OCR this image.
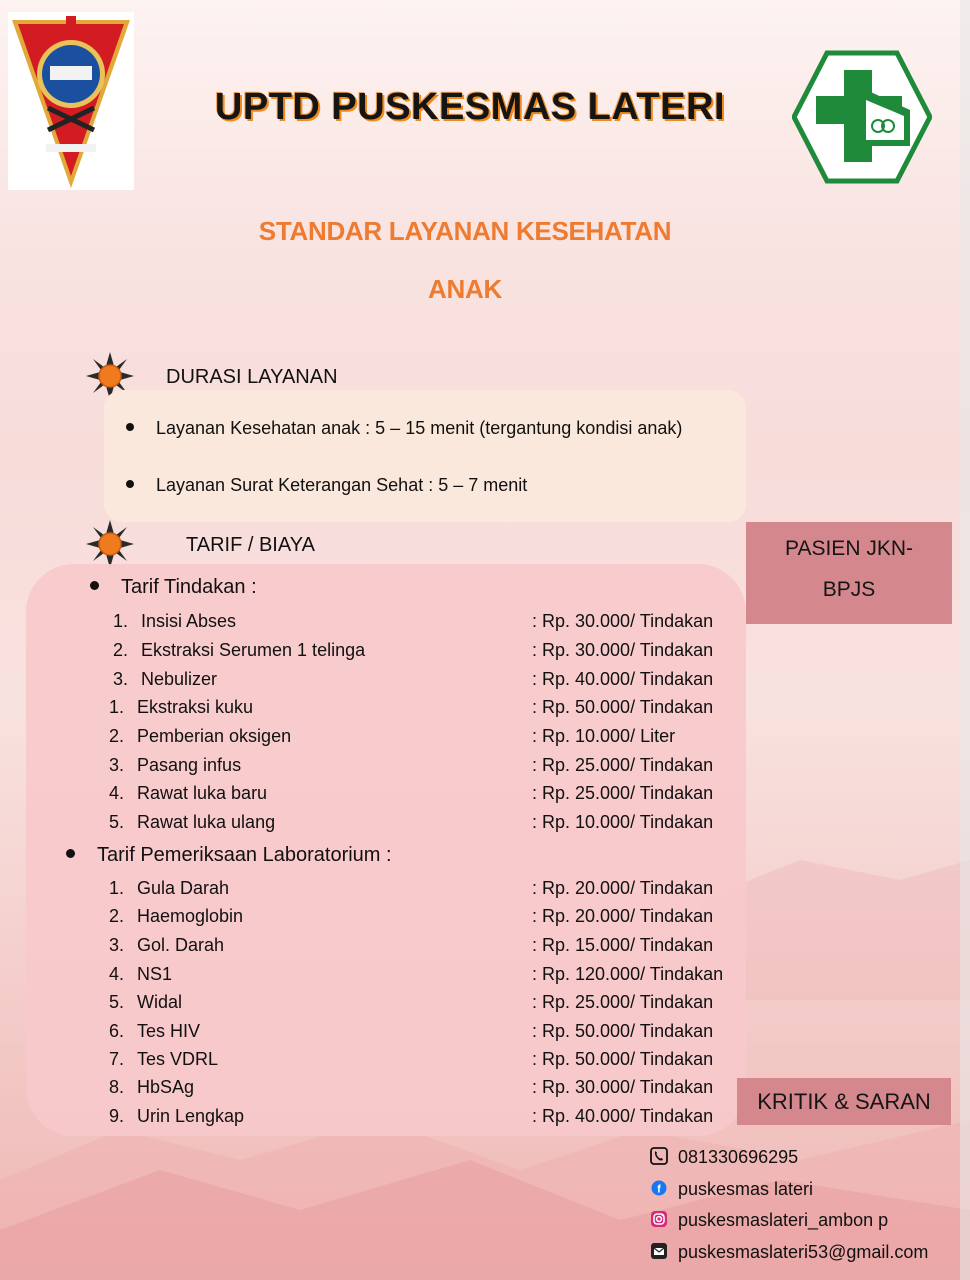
UPTD PUSKESMAS LATERI
STANDAR LAYANAN KESEHATAN
ANAK
DURASI LAYANAN
Layanan Kesehatan anak : 5 – 15 menit (tergantung kondisi anak)
Layanan Surat Keterangan Sehat : 5 – 7 menit
TARIF / BIAYA
Tarif Tindakan :
1. Insisi Abses	: Rp. 30.000/ Tindakan
2. Ekstraksi Serumen 1 telinga	: Rp. 30.000/ Tindakan
3. Nebulizer	: Rp. 40.000/ Tindakan
1. Ekstraksi kuku	: Rp. 50.000/ Tindakan
2. Pemberian oksigen	: Rp. 10.000/ Liter
3. Pasang infus	: Rp. 25.000/ Tindakan
4. Rawat luka baru	: Rp. 25.000/ Tindakan
5. Rawat luka ulang	: Rp. 10.000/ Tindakan
Tarif Pemeriksaan Laboratorium :
1. Gula Darah	: Rp. 20.000/ Tindakan
2. Haemoglobin	: Rp. 20.000/ Tindakan
3. Gol. Darah	: Rp. 15.000/ Tindakan
4. NS1	: Rp. 120.000/ Tindakan
5. Widal	: Rp. 25.000/ Tindakan
6. Tes HIV	: Rp. 50.000/ Tindakan
7. Tes VDRL	: Rp. 50.000/ Tindakan
8. HbSAg	: Rp. 30.000/ Tindakan
9. Urin Lengkap	: Rp. 40.000/ Tindakan
PASIEN JKN-
BPJS
KRITIK & SARAN
081330696295
f puskesmas lateri
puskesmaslateri_ambon p
puskesmaslateri53@gmail.com
